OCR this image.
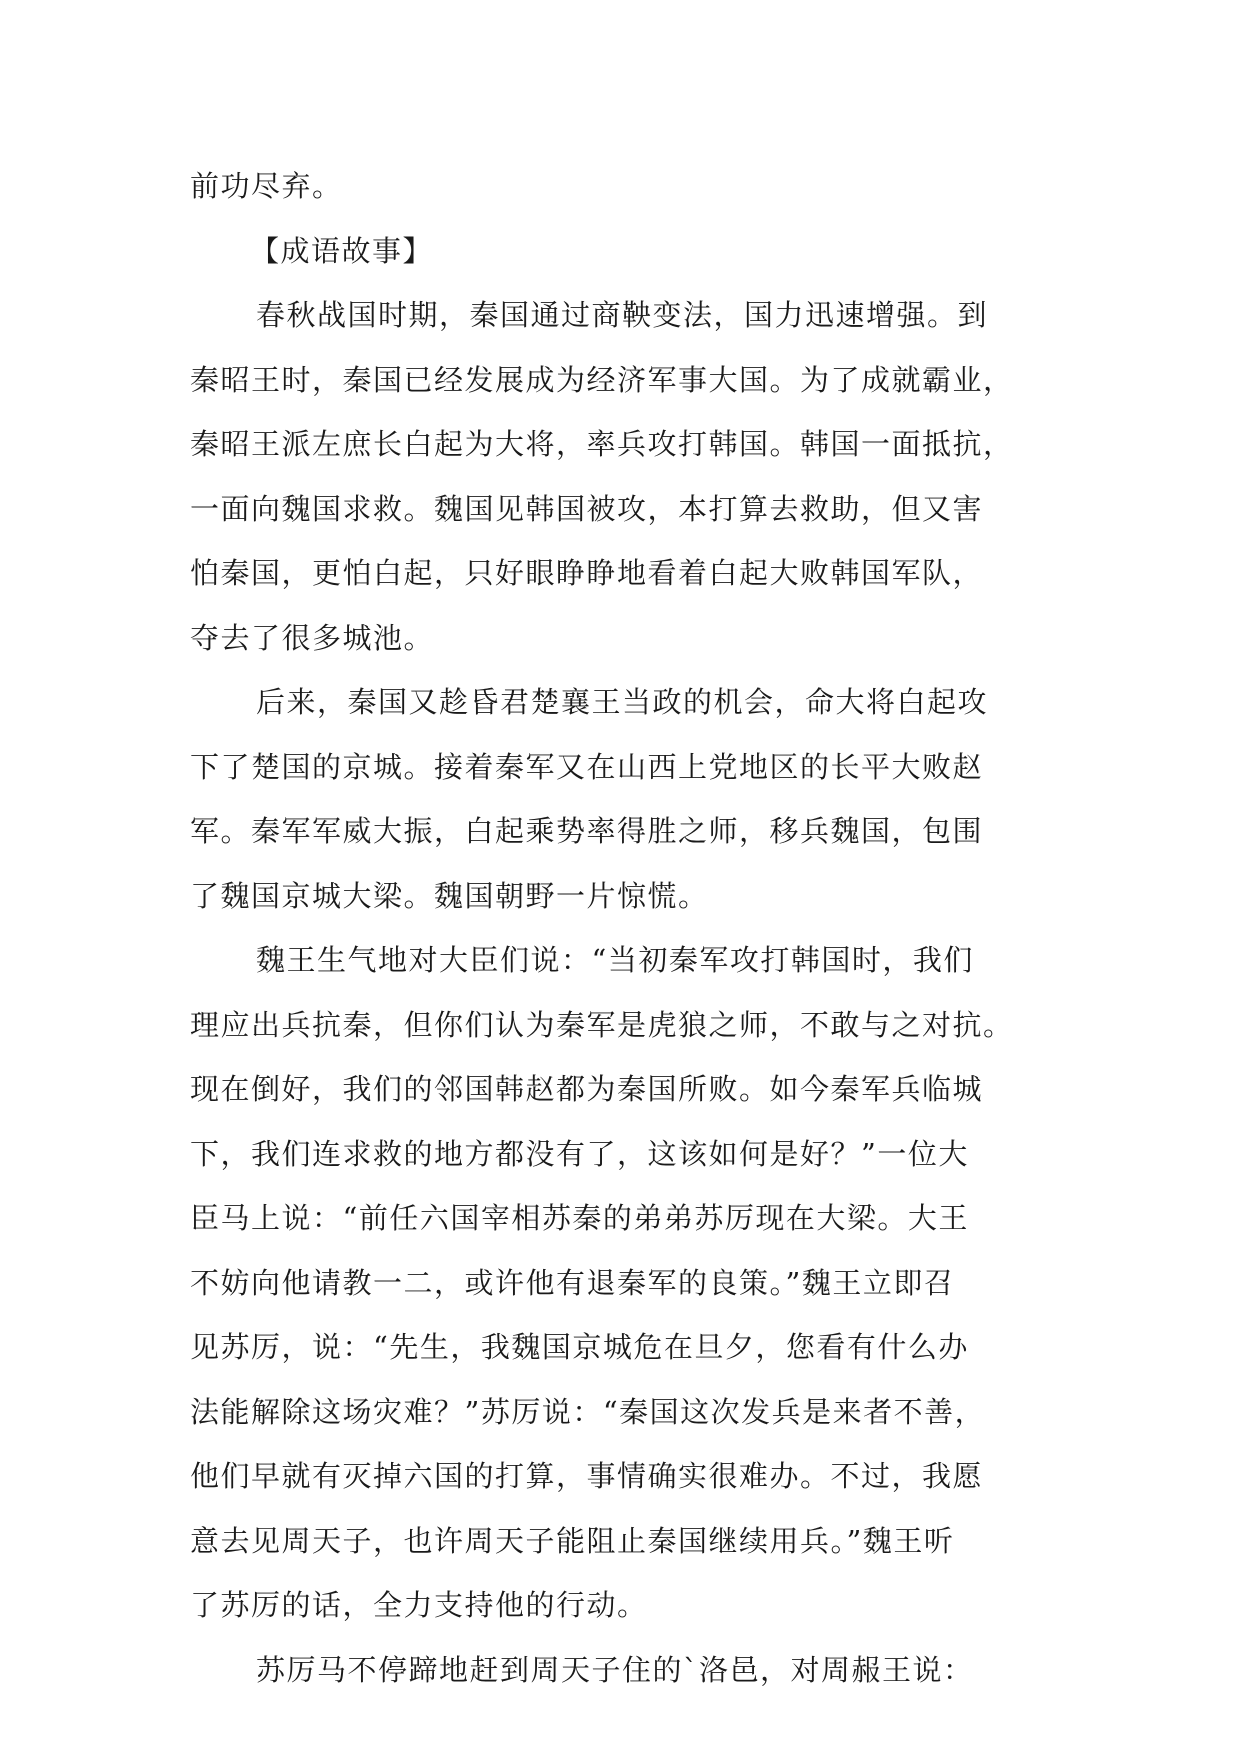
前功尽弃。
【成语故事】
春秋战国时期，秦国通过商鞅变法，国力迅速增强。到
秦昭王时，秦国已经发展成为经济军事大国。为了成就霸业，
秦昭王派左庶长白起为大将，率兵攻打韩国。韩国一面抵抗，
一面向魏国求救。魏国见韩国被攻，本打算去救助，但又害
怕秦国，更怕白起，只好眼睁睁地看着白起大败韩国军队，
夺去了很多城池。
后来，秦国又趁昏君楚襄王当政的机会，命大将白起攻
下了楚国的京城。接着秦军又在山西上党地区的长平大败赵
军。秦军军威大振，白起乘势率得胜之师，移兵魏国，包围
了魏国京城大梁。魏国朝野一片惊慌。
魏王生气地对大臣们说：“当初秦军攻打韩国时，我们
理应出兵抗秦，但你们认为秦军是虎狼之师，不敢与之对抗。
现在倒好，我们的邻国韩赵都为秦国所败。如今秦军兵临城
下，我们连求救的地方都没有了，这该如何是好？”一位大
臣马上说：“前任六国宰相苏秦的弟弟苏厉现在大梁。大王
不妨向他请教一二，或许他有退秦军的良策。”魏王立即召
见苏厉，说：“先生，我魏国京城危在旦夕，您看有什么办
法能解除这场灾难？”苏厉说：“秦国这次发兵是来者不善，
他们早就有灭掉六国的打算，事情确实很难办。不过，我愿
意去见周天子，也许周天子能阻止秦国继续用兵。”魏王听
了苏厉的话，全力支持他的行动。
苏厉马不停蹄地赶到周天子住的`洛邑，对周赧王说：
